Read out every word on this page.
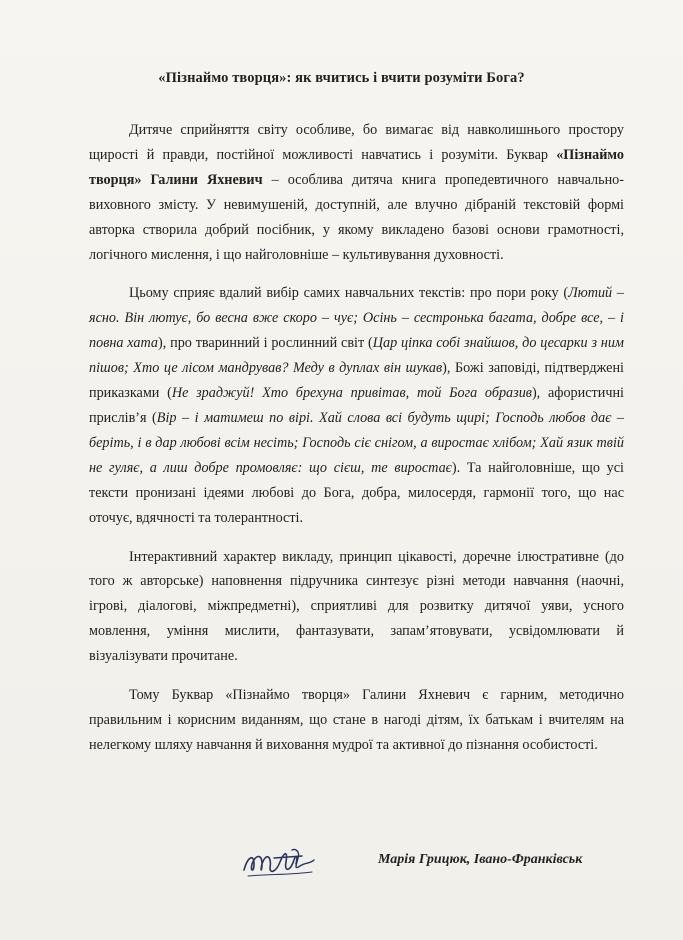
«Пізнаймо творця»: як вчитись і вчити розуміти Бога?

Дитяче сприйняття світу особливе, бо вимагає від навколишнього простору щирості й правди, постійної можливості навчатись і розуміти. Буквар «Пізнаймо творця» Галини Яхневич – особлива дитяча книга пропедевтичного навчально-виховного змісту. У невимушеній, доступній, але влучно дібраній текстовій формі авторка створила добрий посібник, у якому викладено базові основи грамотності, логічного мислення, і що найголовніше – культивування духовності.

Цьому сприяє вдалий вибір самих навчальних текстів: про пори року (Лютий – ясно. Він лютує, бо весна вже скоро – чує; Осінь – сестронька багата, добре все, – і повна хата), про тваринний і рослинний світ (Цар ціпка собі знайшов, до цесарки з ним пішов; Хто це лісом мандрував? Меду в дуплах він шукав), Божі заповіді, підтверджені приказками (Не зраджуй! Хто брехуна привітав, той Бога образив), афористичні прислів’я (Вір – і матимеш по вірі. Хай слова всі будуть щирі; Господь любов дає – беріть, і в дар любові всім несіть; Господь сіє снігом, а виростає хлібом; Хай язик твій не гуляє, а лиш добре промовляє: що сієш, те виростає). Та найголовніше, що усі тексти пронизані ідеями любові до Бога, добра, милосердя, гармонії того, що нас оточує, вдячності та толерантності.

Інтерактивний характер викладу, принцип цікавості, доречне ілюстративне (до того ж авторське) наповнення підручника синтезує різні методи навчання (наочні, ігрові, діалогові, міжпредметні), сприятливі для розвитку дитячої уяви, усного мовлення, уміння мислити, фантазувати, запам’ятовувати, усвідомлювати й візуалізувати прочитане.

Тому Буквар «Пізнаймо творця» Галини Яхневич є гарним, методично правильним і корисним виданням, що стане в нагоді дітям, їх батькам і вчителям на нелегкому шляху навчання й виховання мудрої та активної до пізнання особистості.

Марія Грицюк, Івано-Франківськ
